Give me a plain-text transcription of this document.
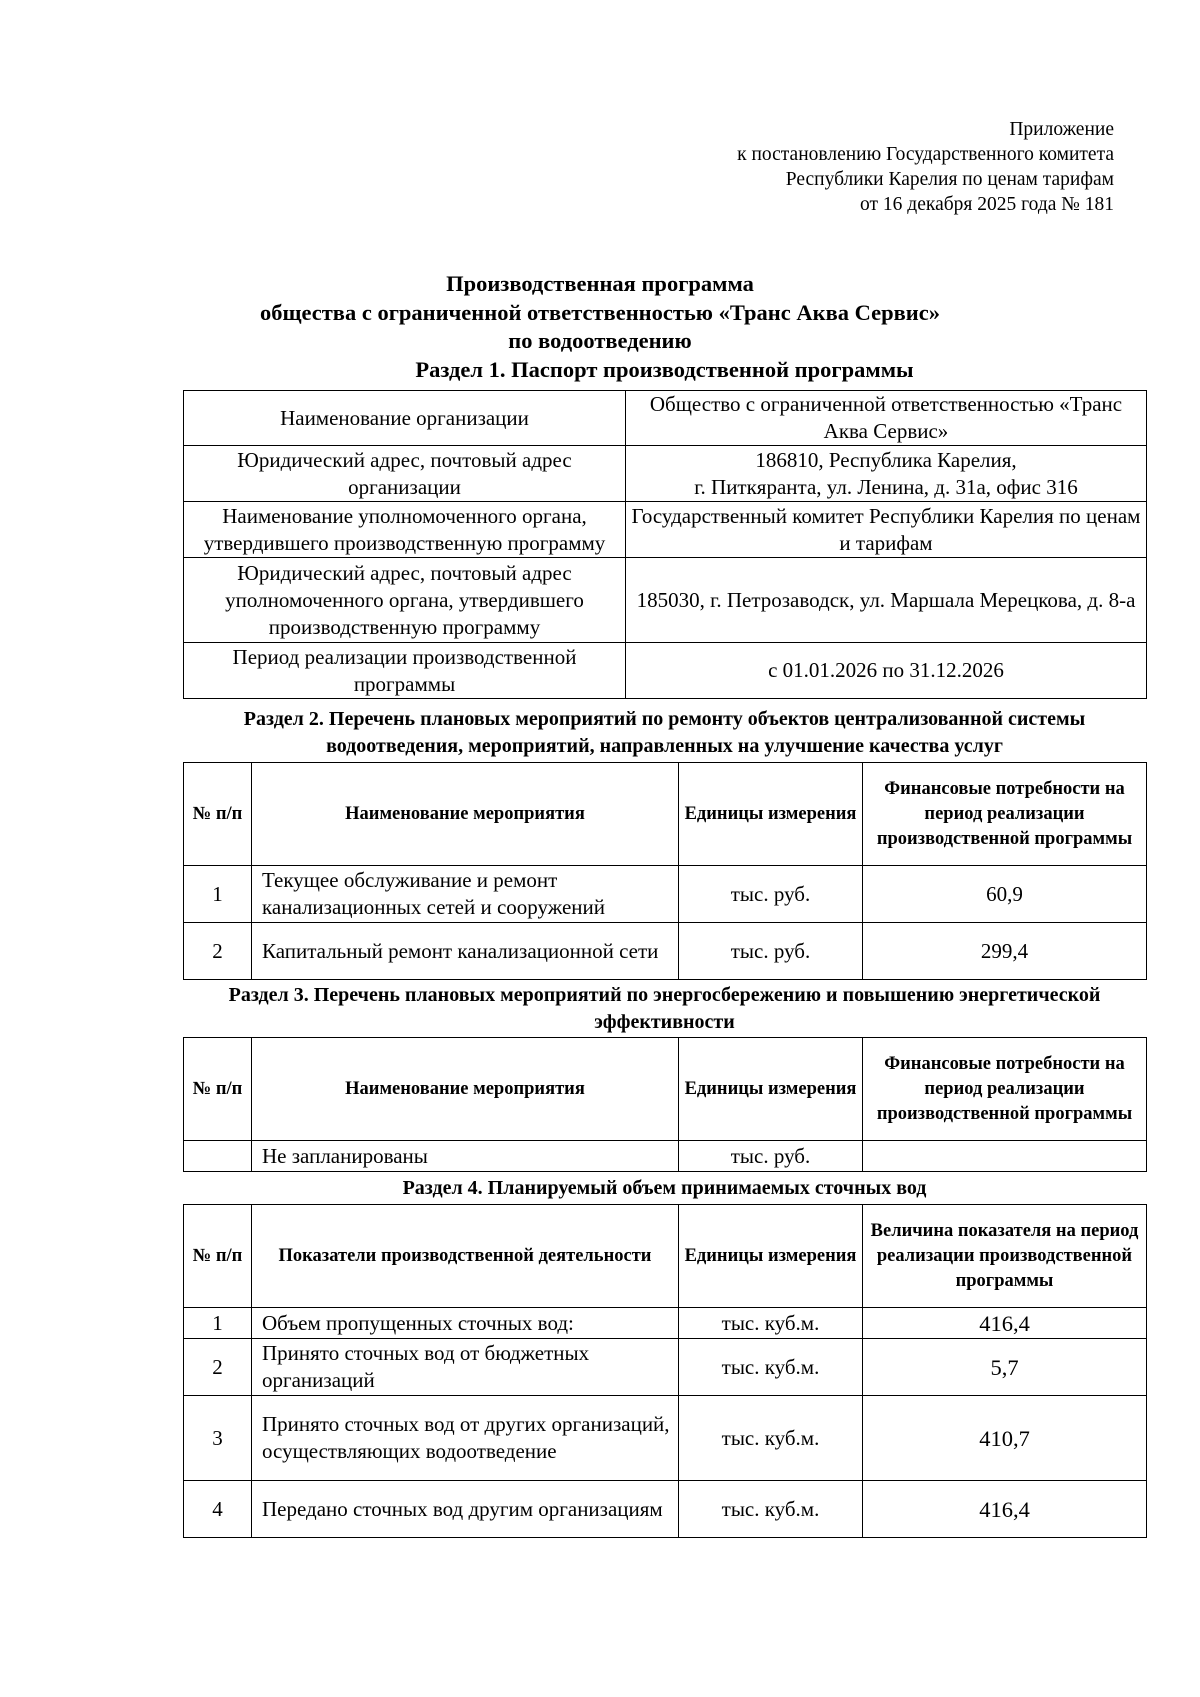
Приложение
к постановлению Государственного комитета
Республики Карелия по ценам тарифам
от 16 декабря 2025 года № 181
Производственная программа
общества с ограниченной ответственностью «Транс Аква Сервис»
по водоотведению
Раздел 1. Паспорт производственной программы
Наименование организации	Общество с ограниченной ответственностью «Транс Аква Сервис»
Юридический адрес, почтовый адрес организации	186810, Республика Карелия,
г. Питкяранта, ул. Ленина, д. 31а, офис 316

Наименование уполномоченного органа, утвердившего производственную программу	Государственный комитет Республики Карелия по ценам и тарифам
Юридический адрес, почтовый адрес уполномоченного органа, утвердившего производственную программу	185030, г. Петрозаводск, ул. Маршала Мерецкова, д. 8-а
Период реализации производственной программы	с 01.01.2026 по 31.12.2026
Раздел 2. Перечень плановых мероприятий по ремонту объектов централизованной системы водоотведения, мероприятий, направленных на улучшение качества услуг
№ п/п	Наименование мероприятия	Единицы измерения	Финансовые потребности на период реализации производственной программы
1	Текущее обслуживание и ремонт канализационных сетей и сооружений	тыс. руб.	60,9
2	Капитальный ремонт канализационной сети	тыс. руб.	299,4
Раздел 3. Перечень плановых мероприятий по энергосбережению и повышению энергетической эффективности
№ п/п	Наименование мероприятия	Единицы измерения	Финансовые потребности на период реализации производственной программы
	Не запланированы	тыс. руб.	
Раздел 4. Планируемый объем принимаемых сточных вод
№ п/п	Показатели производственной деятельности	Единицы измерения	Величина показателя на период реализации производственной программы
1	Объем пропущенных сточных вод:	тыс. куб.м.	416,4
2	Принято сточных вод от бюджетных организаций	тыс. куб.м.	5,7
3	Принято сточных вод от других организаций, осуществляющих водоотведение	тыс. куб.м.	410,7
4	Передано сточных вод другим организациям	тыс. куб.м.	416,4
